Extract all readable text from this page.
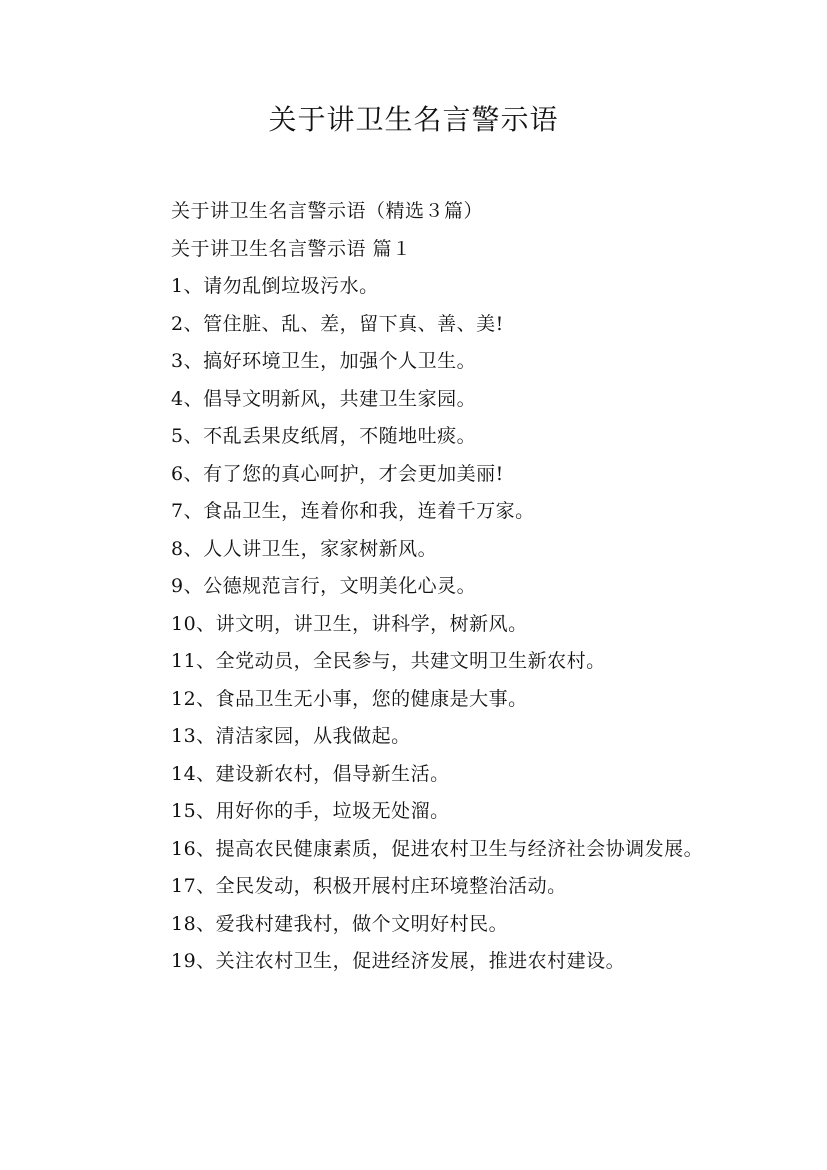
关于讲卫生名言警示语

关于讲卫生名言警示语（精选３篇）

关于讲卫生名言警示语 篇１

1、请勿乱倒垃圾污水。

2、管住脏、乱、差，留下真、善、美!

3、搞好环境卫生，加强个人卫生。

4、倡导文明新风，共建卫生家园。

5、不乱丢果皮纸屑，不随地吐痰。

6、有了您的真心呵护，才会更加美丽!

7、食品卫生，连着你和我，连着千万家。

8、人人讲卫生，家家树新风。

9、公德规范言行，文明美化心灵。

10、讲文明，讲卫生，讲科学，树新风。

11、全党动员，全民参与，共建文明卫生新农村。

12、食品卫生无小事，您的健康是大事。

13、清洁家园，从我做起。

14、建设新农村，倡导新生活。

15、用好你的手，垃圾无处溜。

16、提高农民健康素质，促进农村卫生与经济社会协调发展。

17、全民发动，积极开展村庄环境整治活动。

18、爱我村建我村，做个文明好村民。

19、关注农村卫生，促进经济发展，推进农村建设。
